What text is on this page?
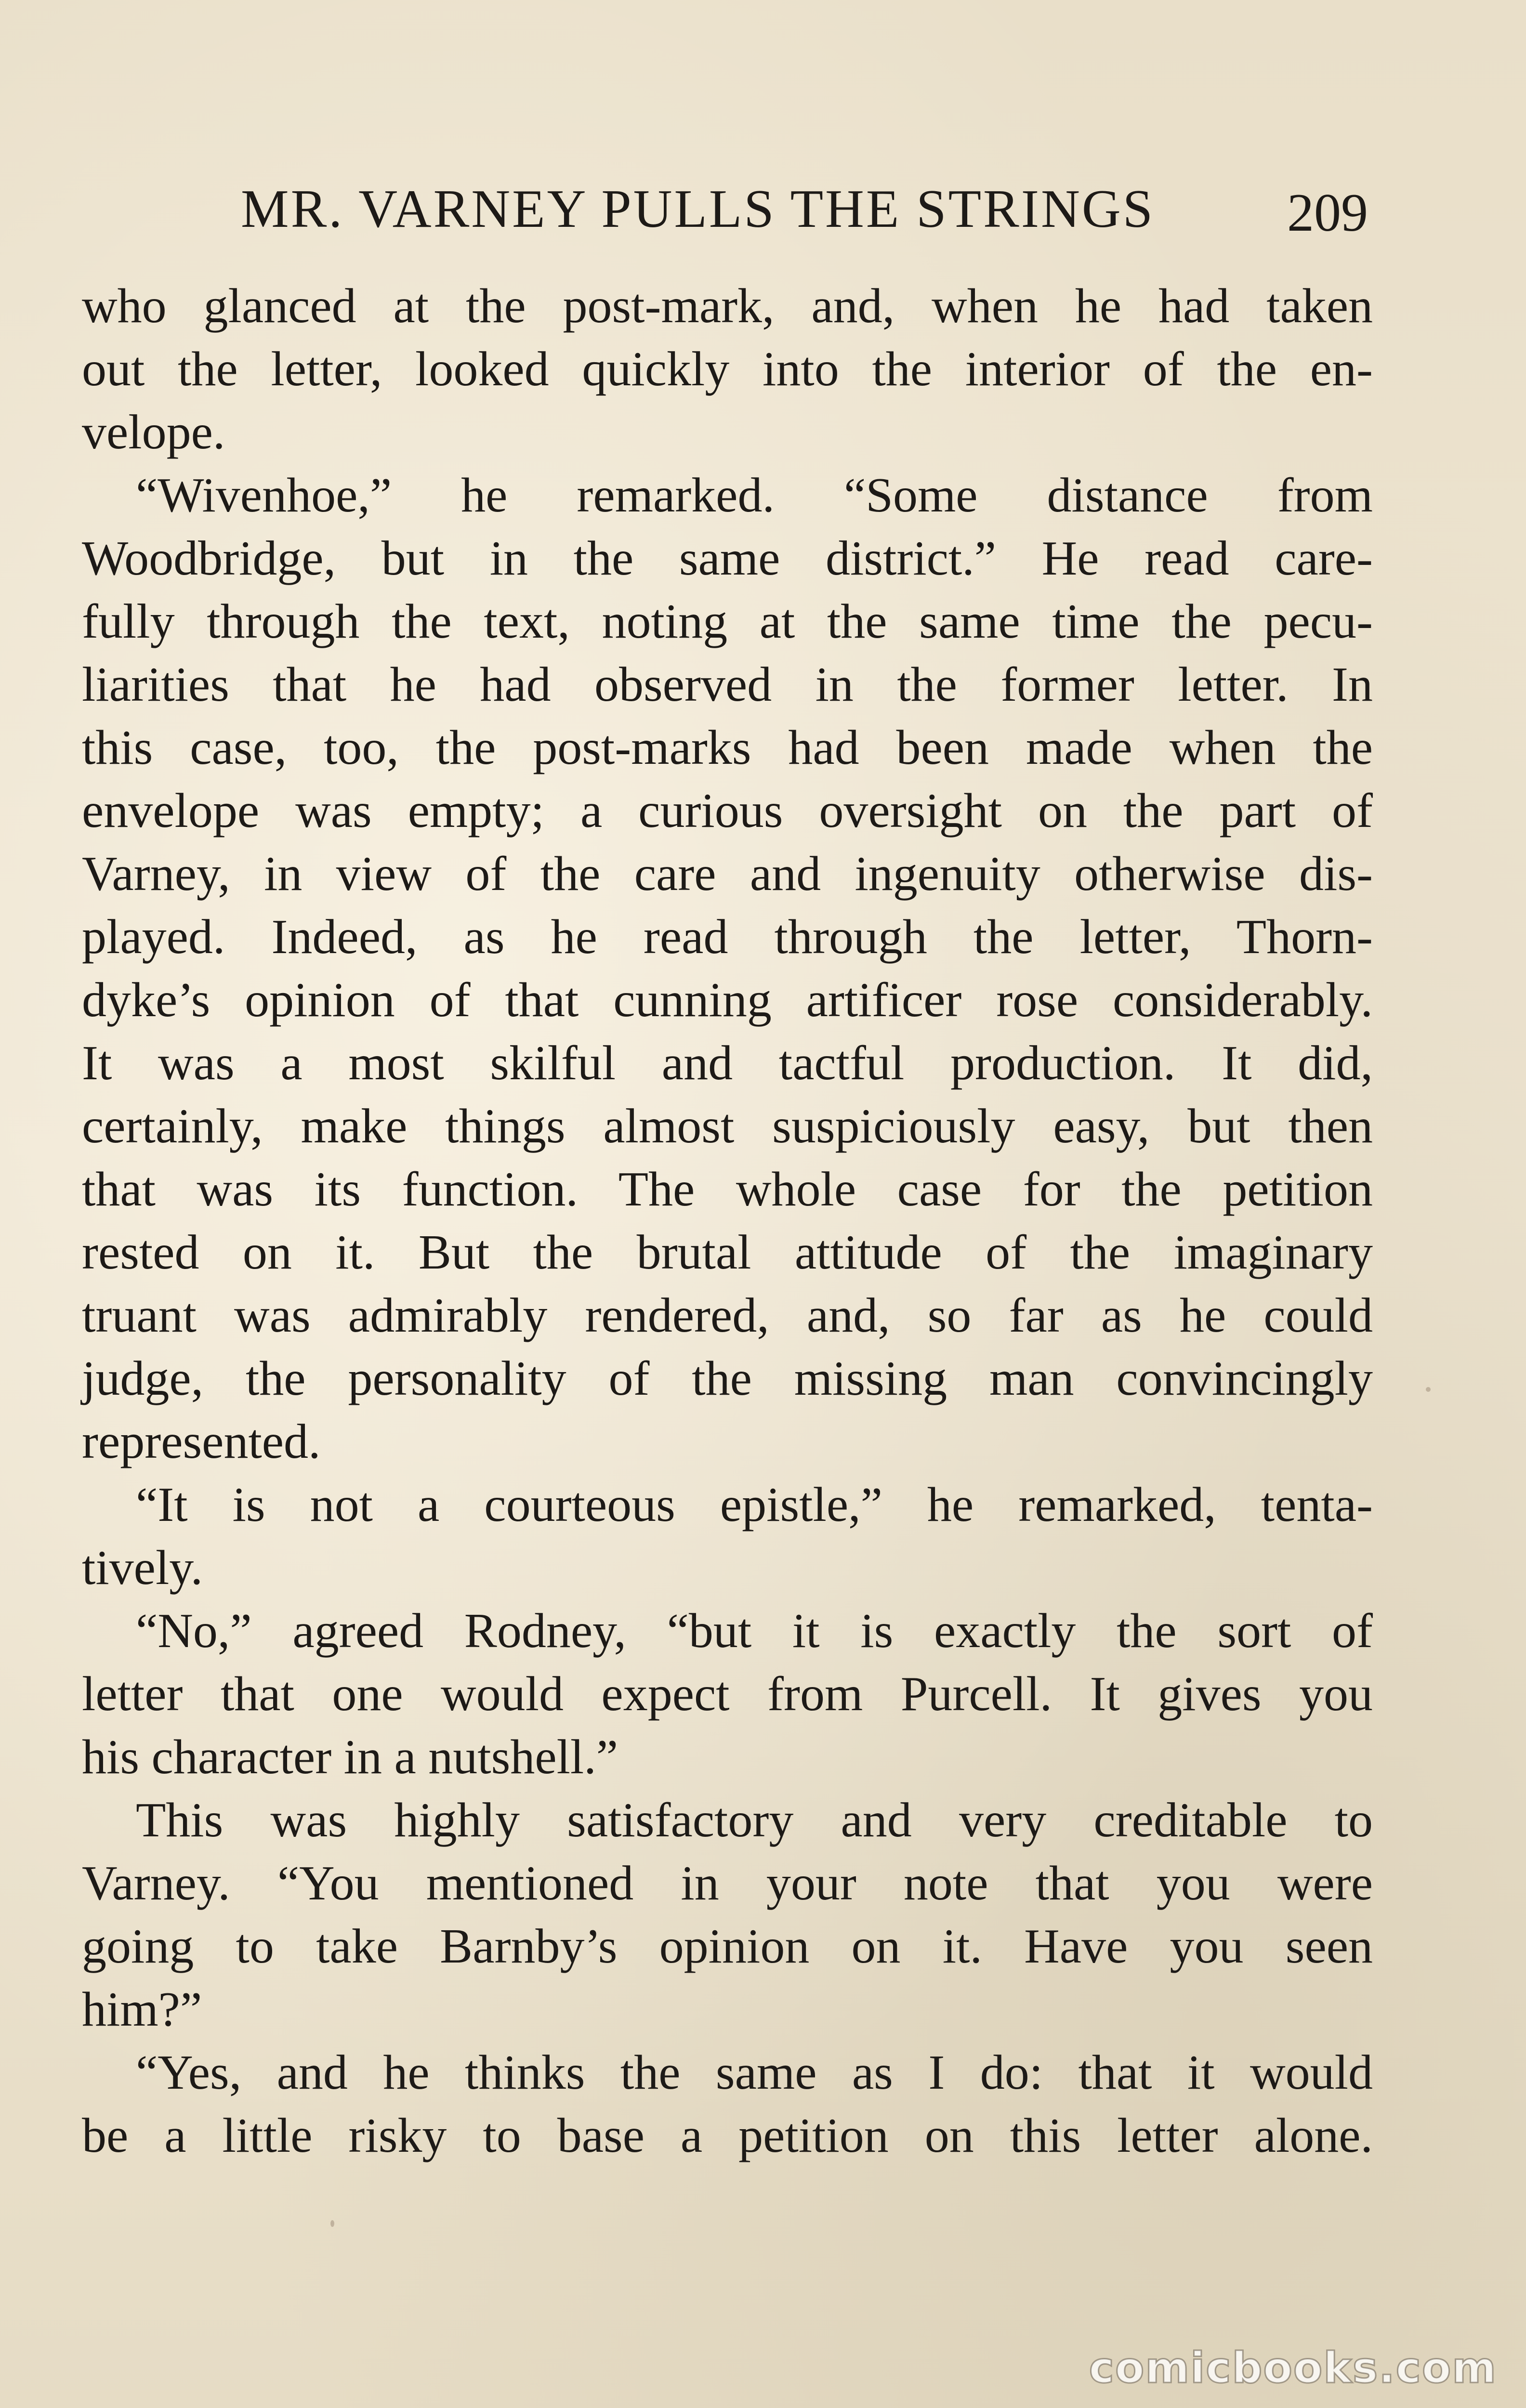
MR. VARNEY PULLS THE STRINGS 209
who glanced at the post-mark, and, when he had taken
out the letter, looked quickly into the interior of the en-
velope.
“Wivenhoe,” he remarked. “Some distance from
Woodbridge, but in the same district.” He read care-
fully through the text, noting at the same time the pecu-
liarities that he had observed in the former letter. In
this case, too, the post-marks had been made when the
envelope was empty; a curious oversight on the part of
Varney, in view of the care and ingenuity otherwise dis-
played. Indeed, as he read through the letter, Thorn-
dyke’s opinion of that cunning artificer rose considerably.
It was a most skilful and tactful production. It did,
certainly, make things almost suspiciously easy, but then
that was its function. The whole case for the petition
rested on it. But the brutal attitude of the imaginary
truant was admirably rendered, and, so far as he could
judge, the personality of the missing man convincingly
represented.
“It is not a courteous epistle,” he remarked, tenta-
tively.
“No,” agreed Rodney, “but it is exactly the sort of
letter that one would expect from Purcell. It gives you
his character in a nutshell.”
This was highly satisfactory and very creditable to
Varney. “You mentioned in your note that you were
going to take Barnby’s opinion on it. Have you seen
him?”
“Yes, and he thinks the same as I do: that it would
be a little risky to base a petition on this letter alone.
comicbooks.com
